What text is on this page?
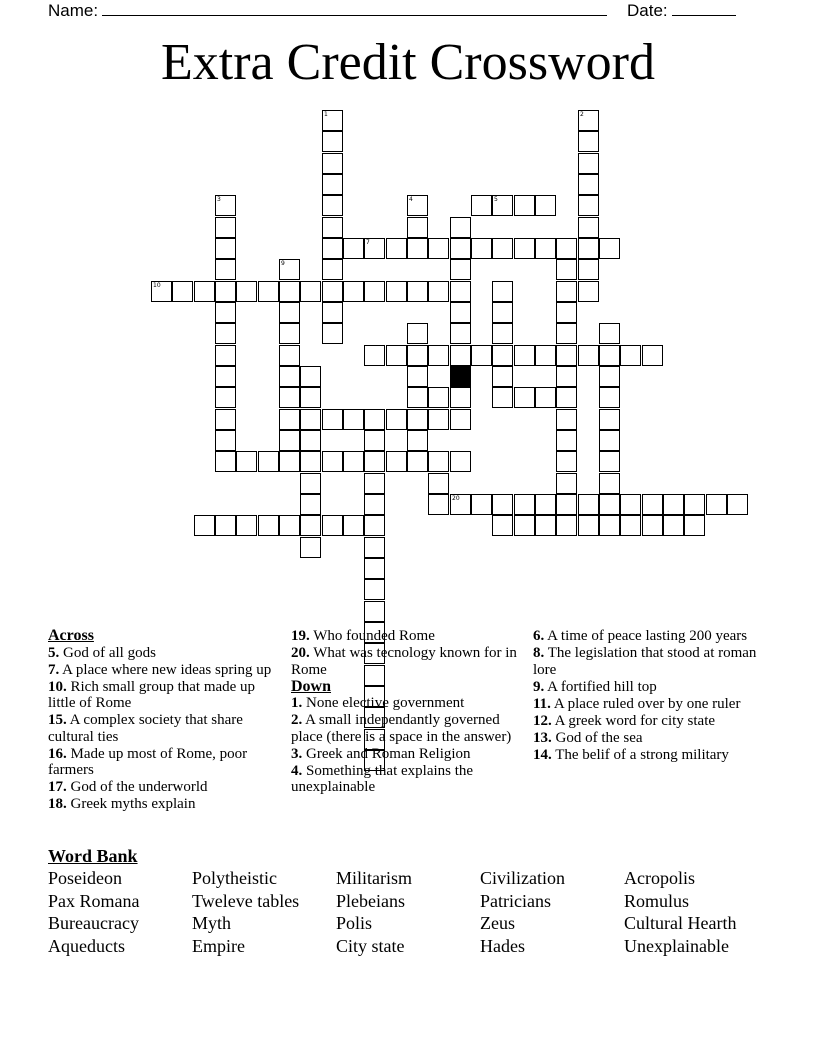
Name:	Date:
Extra Credit Crossword
1	2
3	4	5
7
9
10
20
Across
5. God of all gods
7. A place where new ideas spring up
10. Rich small group that made up little of Rome
15. A complex society that share cultural ties
16. Made up most of Rome, poor farmers
17. God of the underworld
18. Greek myths explain
19. Who founded Rome
20. What was tecnology known for in Rome
Down
1. None elective government
2. A small independantly governed place (there is a space in the answer)
3. Greek and Roman Religion
4. Something that explains the unexplainable
6. A time of peace lasting 200 years
8. The legislation that stood at roman lore
9. A fortified hill top
11. A place ruled over by one ruler
12. A greek word for city state
13. God of the sea
14. The belif of a strong military
Word Bank
Poseideon	Polytheistic	Militarism	Civilization	Acropolis
Pax Romana	Tweleve tables	Plebeians	Patricians	Romulus
Bureaucracy	Myth	Polis	Zeus	Cultural Hearth
Aqueducts	Empire	City state	Hades	Unexplainable
